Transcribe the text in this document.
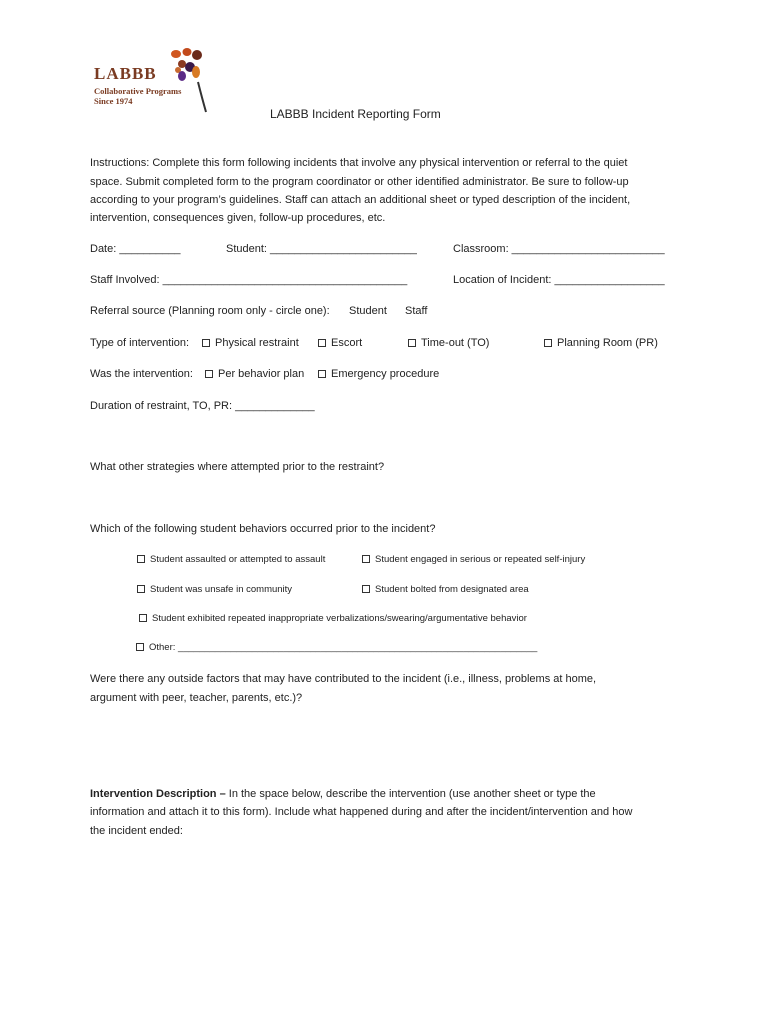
LABBB
Collaborative Programs
Since 1974
LABBB Incident Reporting Form
Instructions: Complete this form following incidents that involve any physical intervention or referral to the quiet
space. Submit completed form to the program coordinator or other identified administrator. Be sure to follow-up
according to your program’s guidelines. Staff can attach an additional sheet or typed description of the incident,
intervention, consequences given, follow-up procedures, etc.
Date: __________	Student: ________________________	Classroom: _________________________
Staff Involved: ________________________________________	Location of Incident: __________________
Referral source (Planning room only - circle one): Student Staff
Type of intervention:	Physical restraint	Escort	Time-out (TO)	Planning Room (PR)
Was the intervention:	Per behavior plan	Emergency procedure
Duration of restraint, TO, PR: _____________
What other strategies where attempted prior to the restraint?
Which of the following student behaviors occurred prior to the incident?
Student assaulted or attempted to assault	Student engaged in serious or repeated self-injury
Student was unsafe in community	Student bolted from designated area
Student exhibited repeated inappropriate verbalizations/swearing/argumentative behavior
Other: ____________________________________________________________________
Were there any outside factors that may have contributed to the incident (i.e., illness, problems at home,
argument with peer, teacher, parents, etc.)?
Intervention Description – In the space below, describe the intervention (use another sheet or type the
information and attach it to this form). Include what happened during and after the incident/intervention and how
the incident ended:
